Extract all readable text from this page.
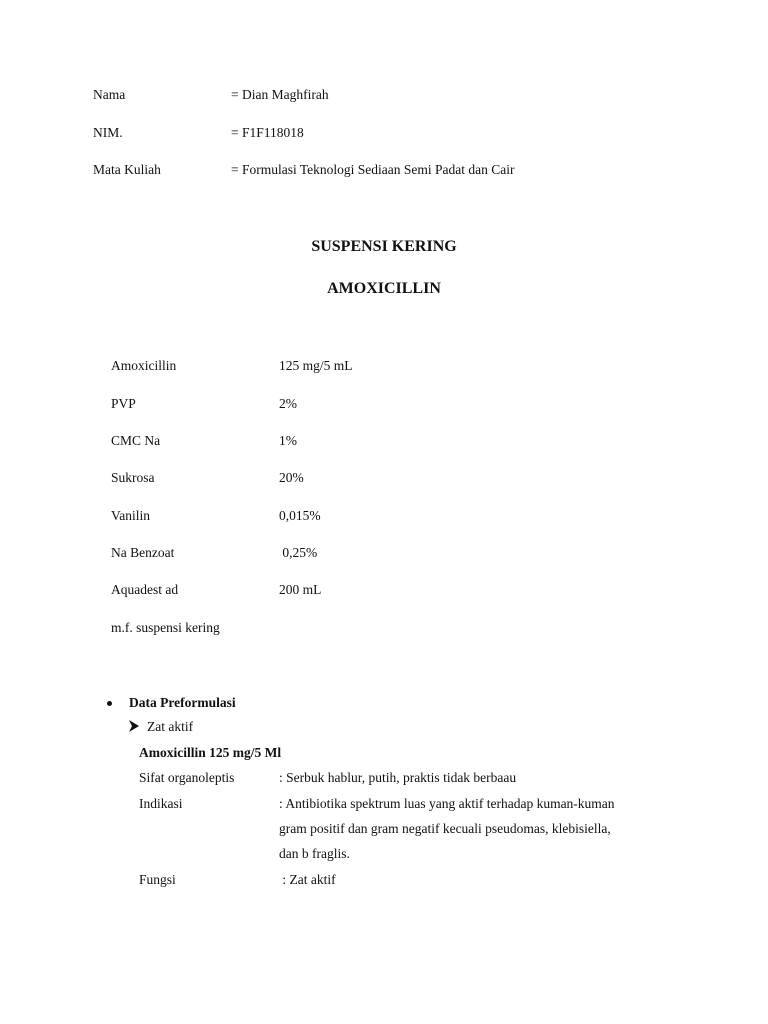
Nama	= Dian Maghfirah
NIM.	= F1F118018
Mata Kuliah	= Formulasi Teknologi Sediaan Semi Padat dan Cair
SUSPENSI KERING
AMOXICILLIN
Amoxicillin	125 mg/5 mL
PVP	2%
CMC Na	1%
Sukrosa	20%
Vanilin	0,015%
Na Benzoat	0,25%
Aquadest ad	200 mL
m.f. suspensi kering
Data Preformulasi
Zat aktif
Amoxicillin 125 mg/5 Ml
Sifat organoleptis	: Serbuk hablur, putih, praktis tidak berbaau
Indikasi	: Antibiotika spektrum luas yang aktif terhadap kuman-kuman
gram positif dan gram negatif kecuali pseudomas, klebisiella,
dan b fraglis.
Fungsi	: Zat aktif
